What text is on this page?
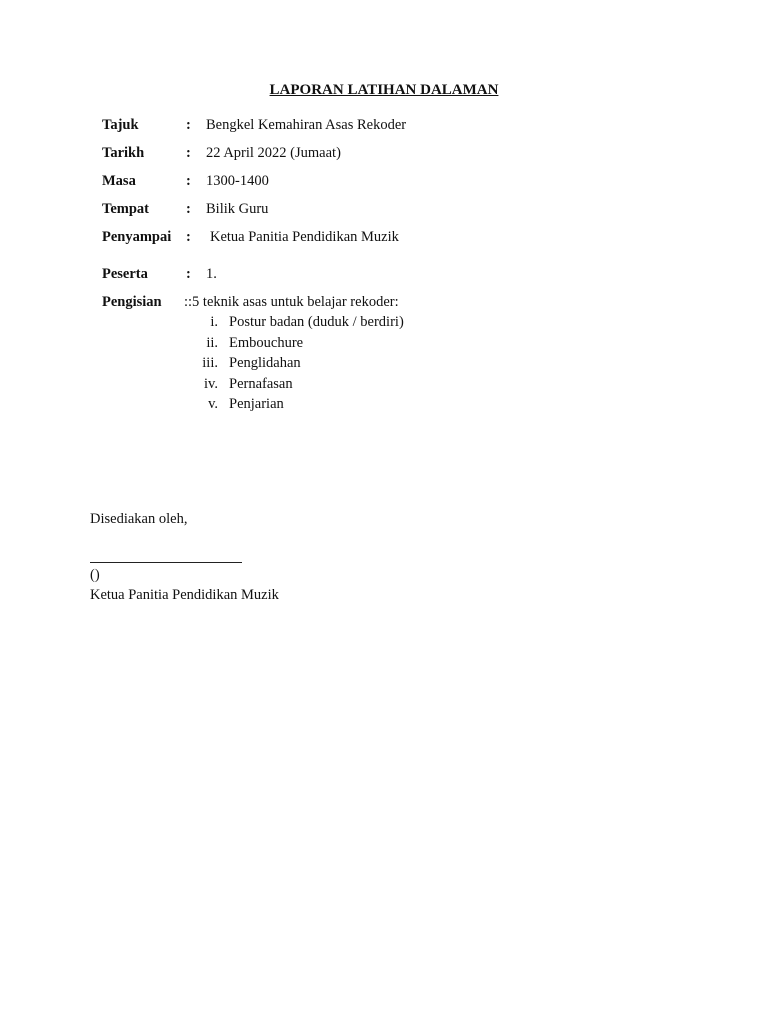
LAPORAN LATIHAN DALAMAN
Tajuk	: Bengkel Kemahiran Asas Rekoder
Tarikh	: 22 April 2022 (Jumaat)
Masa	: 1300-1400
Tempat	: Bilik Guru
Penyampai : Ketua Panitia Pendidikan Muzik
Peserta	: 1.
Pengisian ::5 teknik asas untuk belajar rekoder:
i. Postur badan (duduk / berdiri)
ii. Embouchure
iii. Penglidahan
iv. Pernafasan
v. Penjarian
Disediakan oleh,
()
Ketua Panitia Pendidikan Muzik
